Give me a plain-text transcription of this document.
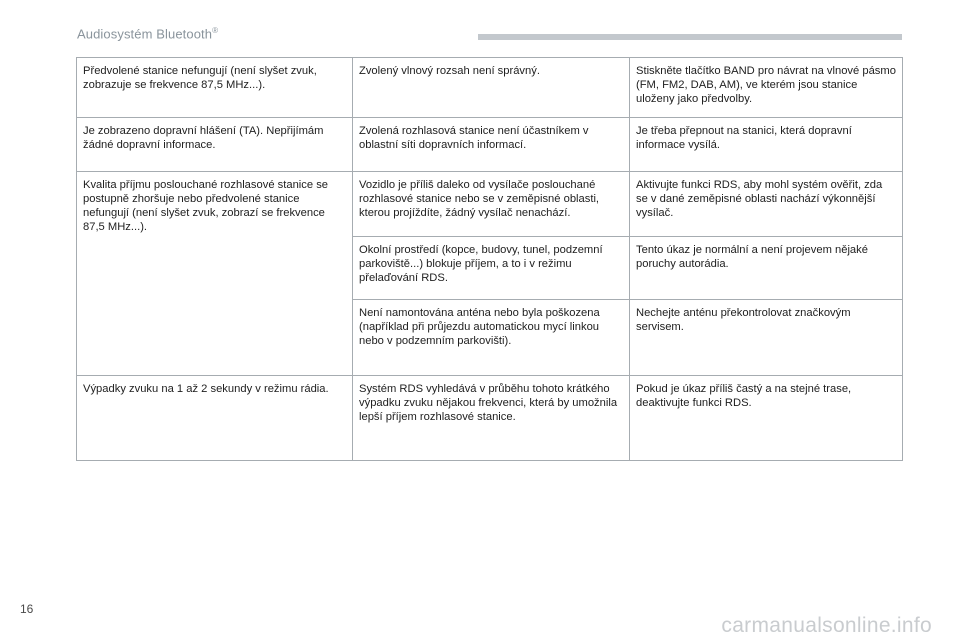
Audiosystém Bluetooth®
Předvolené stanice nefungují (není slyšet zvuk, zobrazuje se frekvence 87,5 MHz...).	Zvolený vlnový rozsah není správný.	Stiskněte tlačítko BAND pro návrat na vlnové pásmo (FM, FM2, DAB, AM), ve kterém jsou stanice uloženy jako předvolby.
Je zobrazeno dopravní hlášení (TA). Nepřijímám žádné dopravní informace.	Zvolená rozhlasová stanice není účastníkem v oblastní síti dopravních informací.	Je třeba přepnout na stanici, která dopravní informace vysílá.
Kvalita příjmu poslouchané rozhlasové stanice se postupně zhoršuje nebo předvolené stanice nefungují (není slyšet zvuk, zobrazí se frekvence 87,5 MHz...).	Vozidlo je příliš daleko od vysílače poslouchané rozhlasové stanice nebo se v zeměpisné oblasti, kterou projíždíte, žádný vysílač nenachází.	Aktivujte funkci RDS, aby mohl systém ověřit, zda se v dané zeměpisné oblasti nachází výkonnější vysílač.
	Okolní prostředí (kopce, budovy, tunel, podzemní parkoviště...) blokuje příjem, a to i v režimu přelaďování RDS.	Tento úkaz je normální a není projevem nějaké poruchy autorádia.
	Není namontována anténa nebo byla poškozena (například při průjezdu automatickou mycí linkou nebo v podzemním parkovišti).	Nechejte anténu překontrolovat značkovým servisem.
Výpadky zvuku na 1 až 2 sekundy v režimu rádia.	Systém RDS vyhledává v průběhu tohoto krátkého výpadku zvuku nějakou frekvenci, která by umožnila lepší příjem rozhlasové stanice.	Pokud je úkaz příliš častý a na stejné trase, deaktivujte funkci RDS.
16
carmanualsonline.info
